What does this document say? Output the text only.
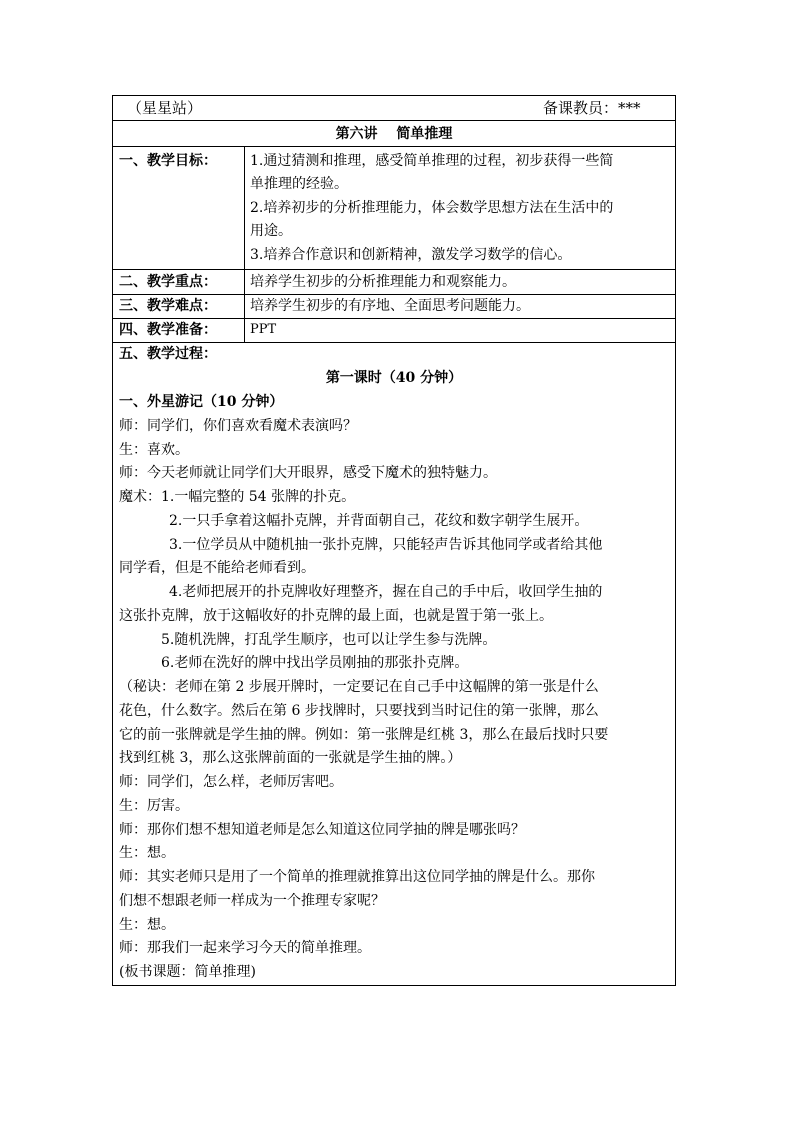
（星星站）	备课教员：***
第六讲　 简单推理
一、教学目标： 1.通过猜测和推理，感受简单推理的过程，初步获得一些简
单推理的经验。
2.培养初步的分析推理能力，体会数学思想方法在生活中的
用途。
3.培养合作意识和创新精神，激发学习数学的信心。
二、教学重点： 培养学生初步的分析推理能力和观察能力。
三、教学难点： 培养学生初步的有序地、全面思考问题能力。
四、教学准备：	PPT
五、教学过程：
第一课时（40 分钟）
一、外星游记（10 分钟）
师：同学们，你们喜欢看魔术表演吗？
生：喜欢。
师：今天老师就让同学们大开眼界，感受下魔术的独特魅力。
魔术：1.一幅完整的 54 张牌的扑克。
2.一只手拿着这幅扑克牌，并背面朝自己，花纹和数字朝学生展开。
3.一位学员从中随机抽一张扑克牌，只能轻声告诉其他同学或者给其他
同学看，但是不能给老师看到。
4.老师把展开的扑克牌收好理整齐，握在自己的手中后，收回学生抽的
这张扑克牌，放于这幅收好的扑克牌的最上面，也就是置于第一张上。
5.随机洗牌，打乱学生顺序，也可以让学生参与洗牌。
6.老师在洗好的牌中找出学员刚抽的那张扑克牌。
（秘诀：老师在第 2 步展开牌时，一定要记在自己手中这幅牌的第一张是什么
花色，什么数字。然后在第 6 步找牌时，只要找到当时记住的第一张牌，那么
它的前一张牌就是学生抽的牌。例如：第一张牌是红桃 3，那么在最后找时只要
找到红桃 3，那么这张牌前面的一张就是学生抽的牌。）
师：同学们，怎么样，老师厉害吧。
生：厉害。
师：那你们想不想知道老师是怎么知道这位同学抽的牌是哪张吗？
生：想。
师：其实老师只是用了一个简单的推理就推算出这位同学抽的牌是什么。那你
们想不想跟老师一样成为一个推理专家呢？
生：想。
师：那我们一起来学习今天的简单推理。
(板书课题：简单推理)
